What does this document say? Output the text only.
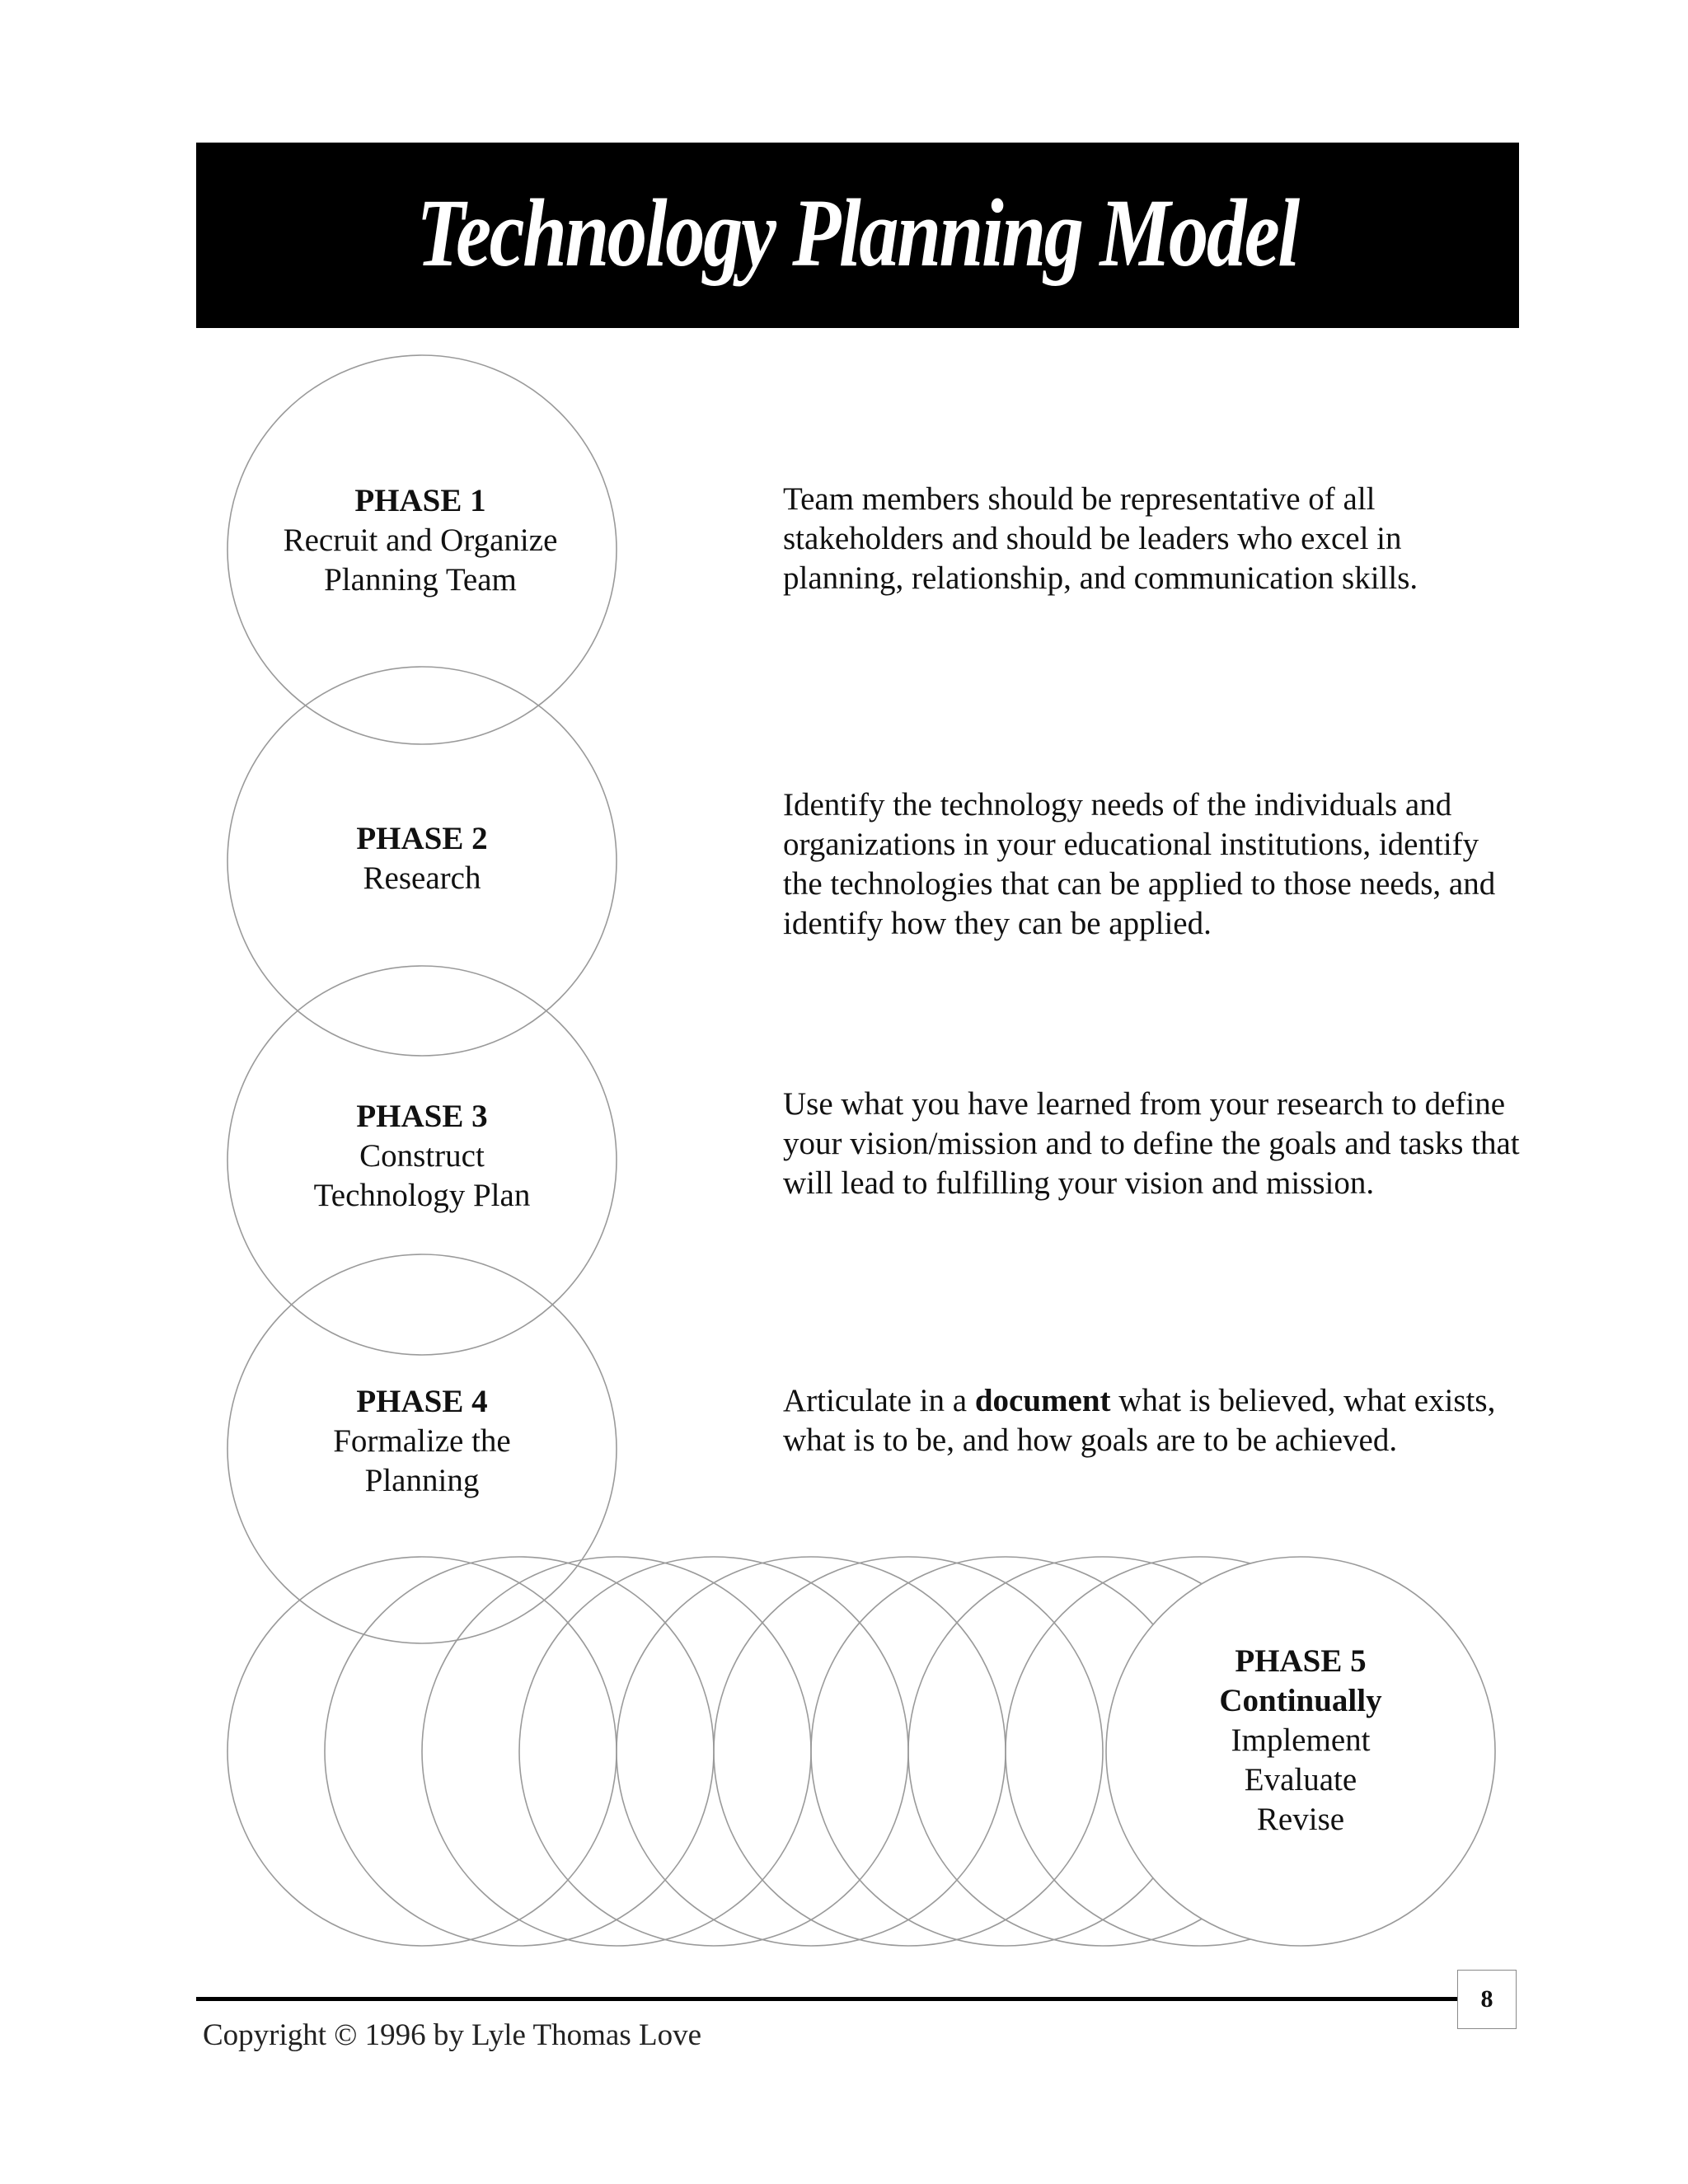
Technology Planning Model
PHASE 1
Recruit and Organize
Planning Team
PHASE 2
Research
PHASE 3
Construct
Technology Plan
PHASE 4
Formalize the
Planning
PHASE 5
Continually
Implement
Evaluate
Revise
Team members should be representative of all stakeholders and should be leaders who excel in planning, relationship, and communication skills.
Identify the technology needs of the individuals and organizations in your educational institutions, identify the technologies that can be applied to those needs, and identify how they can be applied.
Use what you have learned from your research to define your vision/mission and to define the goals and tasks that will lead to fulfilling your vision and mission.
Articulate in a document what is believed, what exists, what is to be, and how goals are to be achieved.
8
Copyright © 1996 by Lyle Thomas Love
